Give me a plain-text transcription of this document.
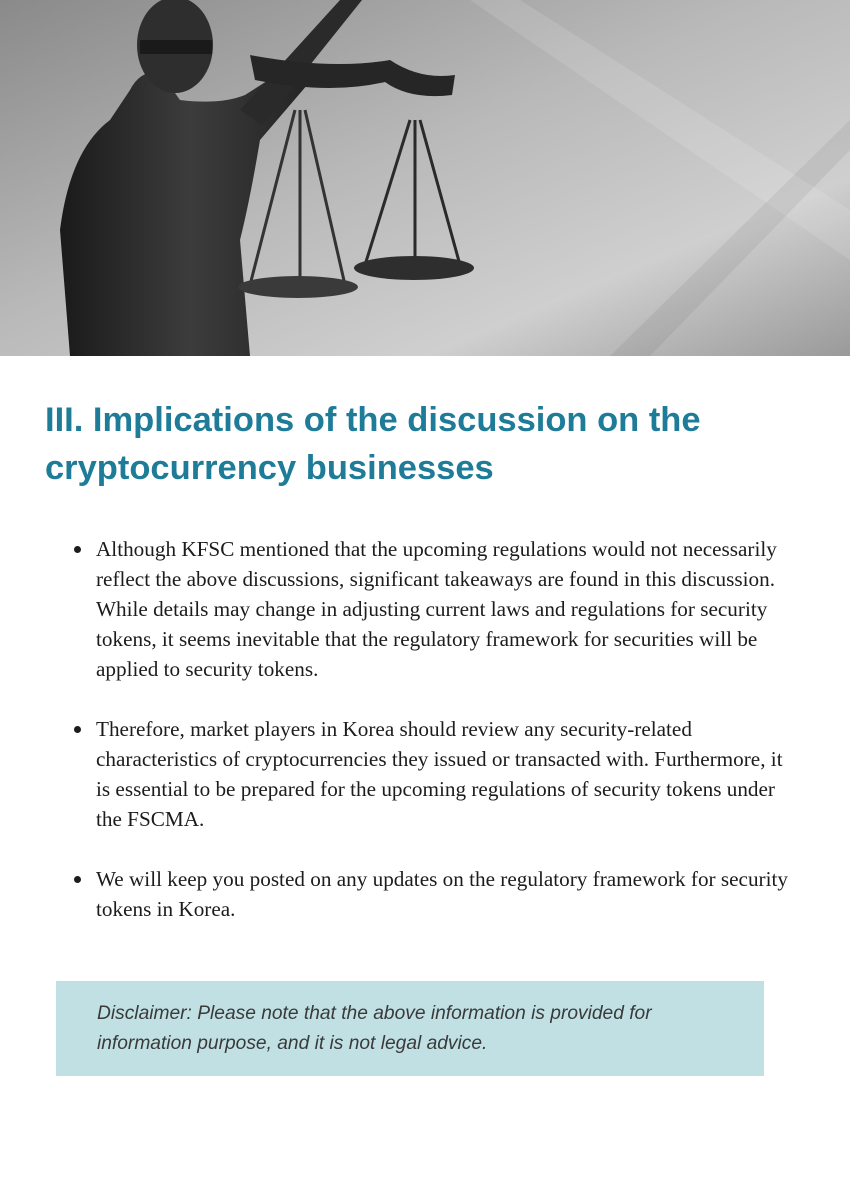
III. Implications of the discussion on the cryptocurrency businesses
Although KFSC mentioned that the upcoming regulations would not necessarily reflect the above discussions, significant takeaways are found in this discussion. While details may change in adjusting current laws and regulations for security tokens, it seems inevitable that the regulatory framework for securities will be applied to security tokens.
Therefore, market players in Korea should review any security-related characteristics of cryptocurrencies they issued or transacted with. Furthermore, it is essential to be prepared for the upcoming regulations of security tokens under the FSCMA.
We will keep you posted on any updates on the regulatory framework for security tokens in Korea.

Disclaimer: Please note that the above information is provided for information purpose, and it is not legal advice.
